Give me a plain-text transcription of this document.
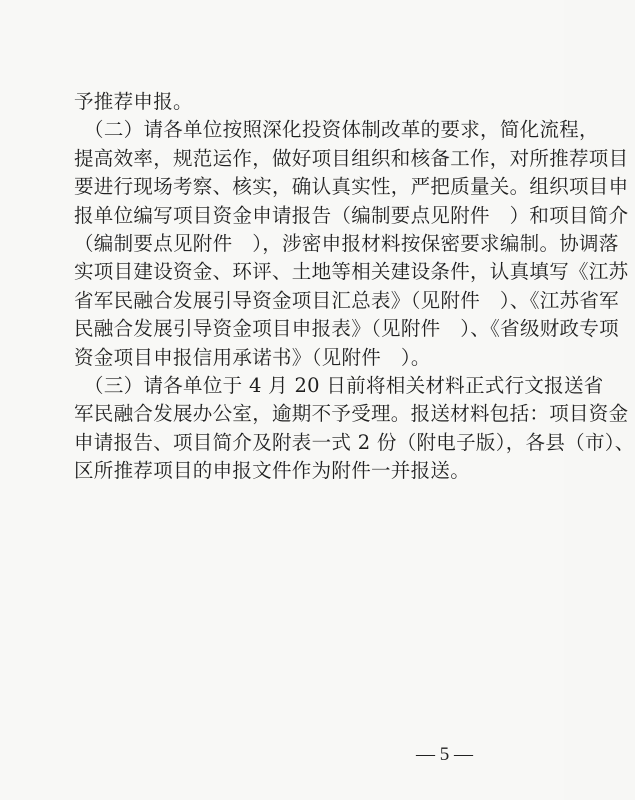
予推荐申报。
　（二）请各单位按照深化投资体制改革的要求，简化流程，
提高效率，规范运作，做好项目组织和核备工作，对所推荐项目
要进行现场考察、核实，确认真实性，严把质量关。组织项目申
报单位编写项目资金申请报告（编制要点见附件　）和项目简介
（编制要点见附件　），涉密申报材料按保密要求编制。协调落
实项目建设资金、环评、土地等相关建设条件，认真填写《江苏
省军民融合发展引导资金项目汇总表》（见附件　）、《江苏省军
民融合发展引导资金项目申报表》（见附件　）、《省级财政专项
资金项目申报信用承诺书》（见附件　）。
　（三）请各单位于 4 月 20 日前将相关材料正式行文报送省
军民融合发展办公室，逾期不予受理。报送材料包括：项目资金
申请报告、项目简介及附表一式 2 份（附电子版），各县（市）、
区所推荐项目的申报文件作为附件一并报送。
— 5 —
